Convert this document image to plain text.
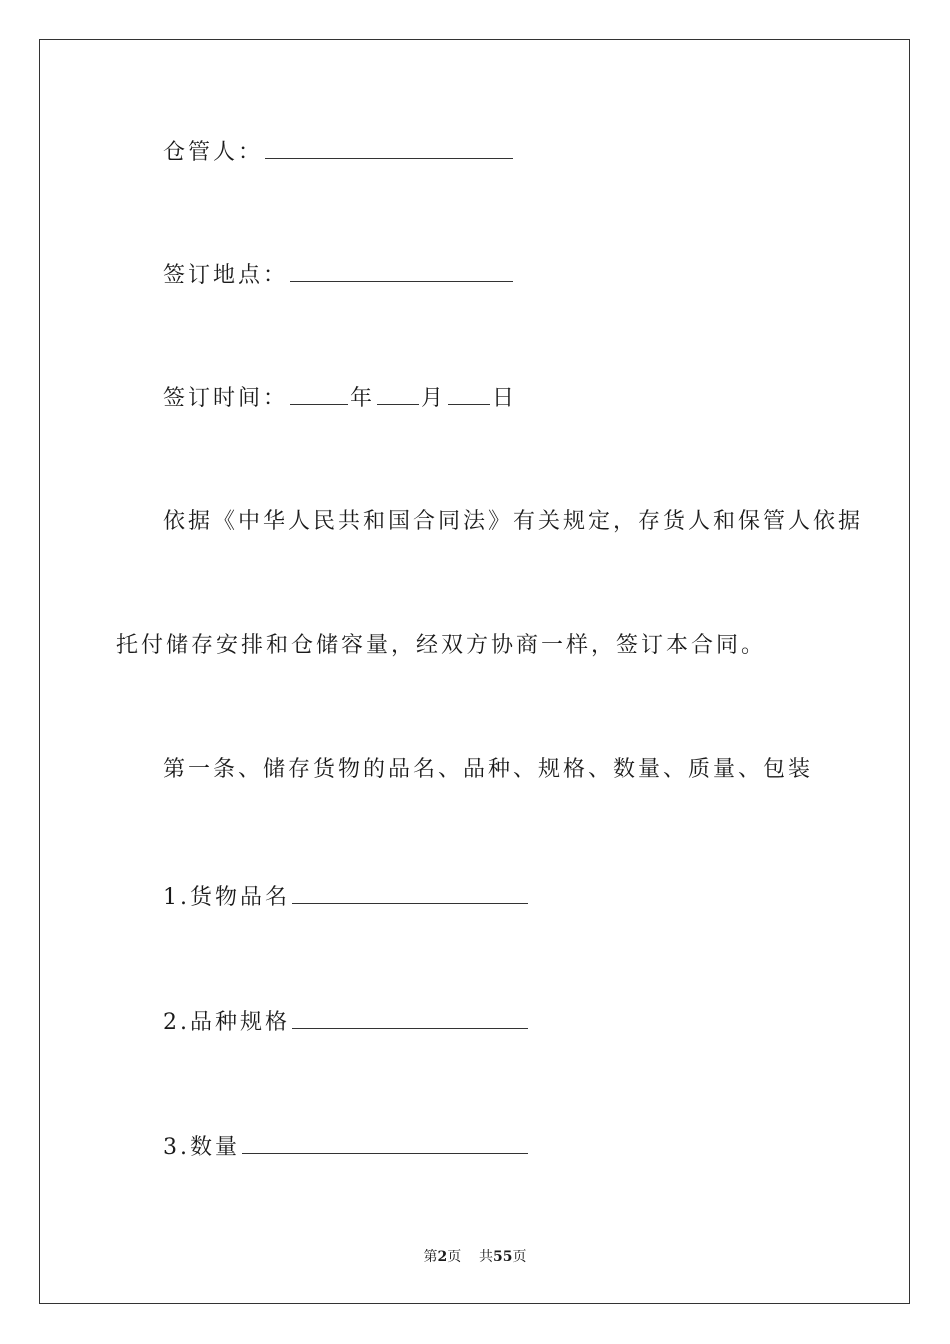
仓管人：
签订地点：
签订时间：	年 月 日
依据《中华人民共和国合同法》有关规定，存货人和保管人依据
托付储存安排和仓储容量，经双方协商一样，签订本合同。
第一条、储存货物的品名、品种、规格、数量、质量、包装
1.货物品名
2.品种规格
3.数量
第2页 共55页
